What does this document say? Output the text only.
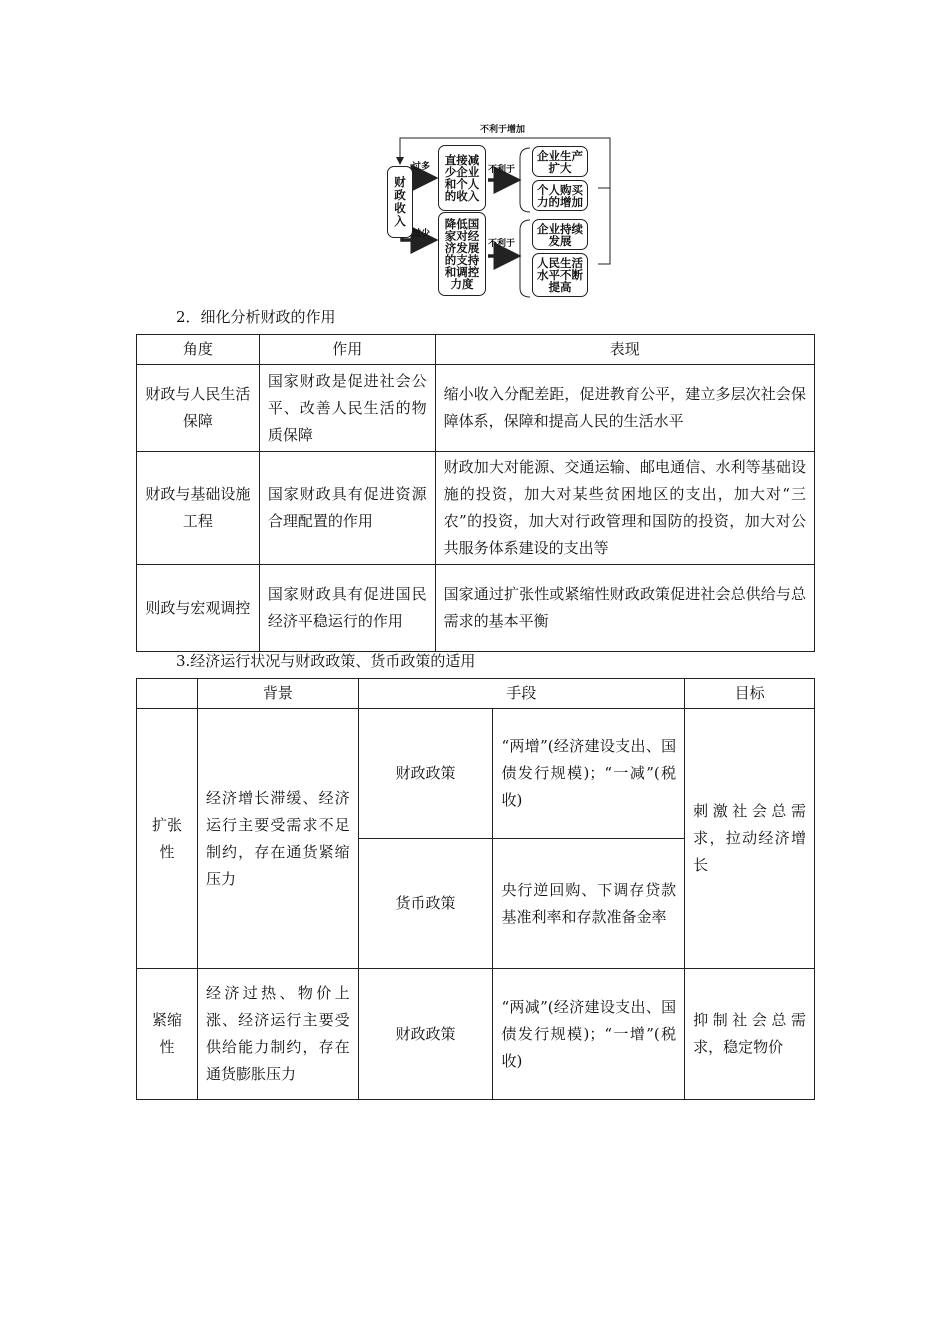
不利于增加
财政收入
过多
过少
直接减少企业和个人的收入
降低国家对经济发展的支持和调控力度
不利于
不利于
企业生产扩大
个人购买力的增加
企业持续发展
人民生活水平不断提高
2．细化分析财政的作用
角度	作用	表现
财政与人民生活保障	国家财政是促进社会公平、改善人民生活的物质保障	缩小收入分配差距，促进教育公平，建立多层次社会保障体系，保障和提高人民的生活水平
财政与基础设施工程	国家财政具有促进资源合理配置的作用	财政加大对能源、交通运输、邮电通信、水利等基础设施的投资，加大对某些贫困地区的支出，加大对“三农”的投资，加大对行政管理和国防的投资，加大对公共服务体系建设的支出等
则政与宏观调控	国家财政具有促进国民经济平稳运行的作用	国家通过扩张性或紧缩性财政政策促进社会总供给与总需求的基本平衡
3.经济运行状况与财政政策、货币政策的适用
	背景	手段		目标
扩张性	经济增长滞缓、经济运行主要受需求不足制约，存在通货紧缩压力	财政政策	“两增”(经济建设支出、国债发行规模)；“一减”(税收)	刺激社会总需求，拉动经济增长
		货币政策	央行逆回购、下调存贷款基准利率和存款准备金率	
紧缩性	经济过热、物价上涨、经济运行主要受供给能力制约，存在通货膨胀压力	财政政策	“两减”(经济建设支出、国债发行规模)；“一增”(税收)	抑制社会总需求，稳定物价
